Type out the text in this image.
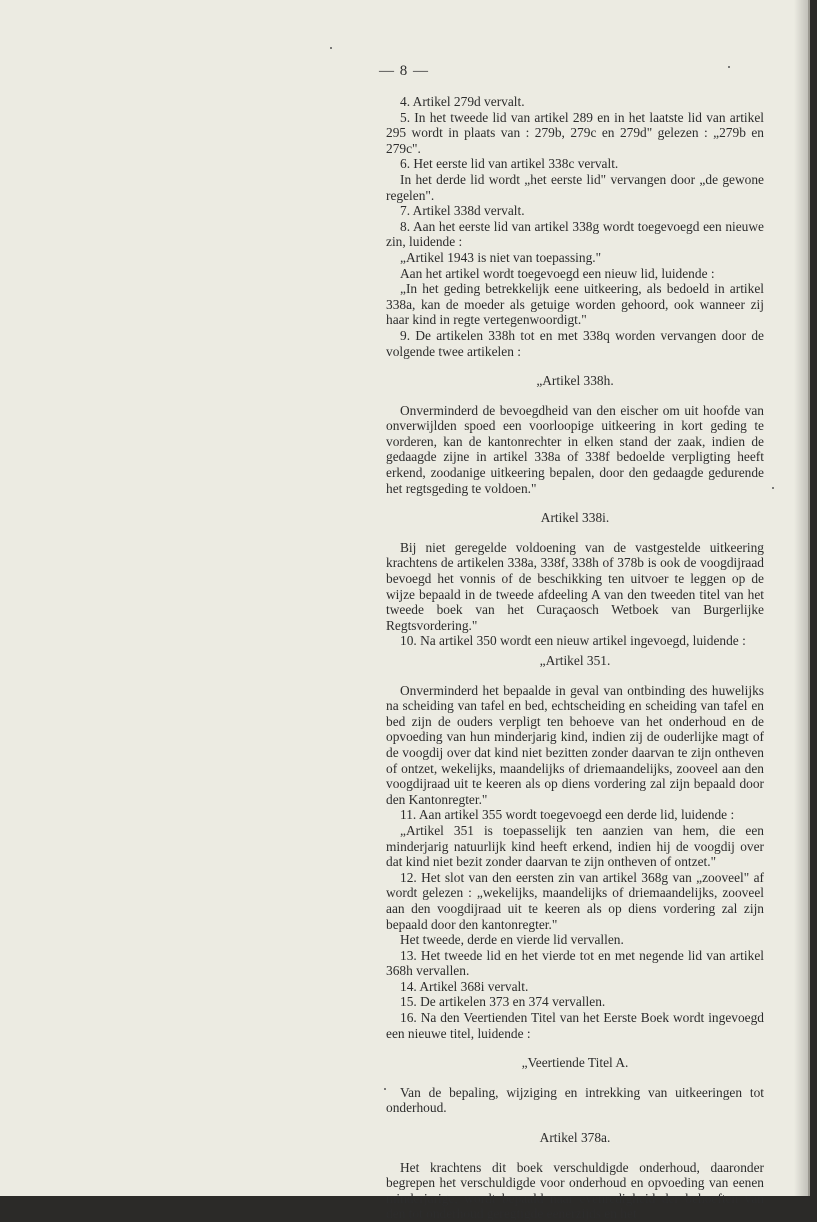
— 8 —

4. Artikel 279d vervalt.

5. In het tweede lid van artikel 289 en in het laatste lid van artikel 295 wordt in plaats van : 279b, 279c en 279d" gelezen : „279b en 279c".

6. Het eerste lid van artikel 338c vervalt.

In het derde lid wordt „het eerste lid" vervangen door „de gewone regelen".

7. Artikel 338d vervalt.

8. Aan het eerste lid van artikel 338g wordt toegevoegd een nieuwe zin, luidende :

„Artikel 1943 is niet van toepassing."

Aan het artikel wordt toegevoegd een nieuw lid, luidende :

„In het geding betrekkelijk eene uitkeering, als bedoeld in artikel 338a, kan de moeder als getuige worden gehoord, ook wanneer zij haar kind in regte vertegenwoordigt."

9. De artikelen 338h tot en met 338q worden vervangen door de volgende twee artikelen :

„Artikel 338h.

Onverminderd de bevoegdheid van den eischer om uit hoofde van onverwijlden spoed een voorloopige uitkeering in kort geding te vorderen, kan de kantonrechter in elken stand der zaak, indien de gedaagde zijne in artikel 338a of 338f bedoelde verpligting heeft erkend, zoodanige uitkeering bepalen, door den gedaagde gedurende het regtsgeding te voldoen."

Artikel 338i.

Bij niet geregelde voldoening van de vastgestelde uitkeering krachtens de artikelen 338a, 338f, 338h of 378b is ook de voogdijraad bevoegd het vonnis of de beschikking ten uitvoer te leggen op de wijze bepaald in de tweede afdeeling A van den tweeden titel van het tweede boek van het Curaçaosch Wetboek van Burgerlijke Regtsvordering."

10. Na artikel 350 wordt een nieuw artikel ingevoegd, luidende :

„Artikel 351.

Onverminderd het bepaalde in geval van ontbinding des huwelijks na scheiding van tafel en bed, echtscheiding en scheiding van tafel en bed zijn de ouders verpligt ten behoeve van het onderhoud en de opvoeding van hun minderjarig kind, indien zij de ouderlijke magt of de voogdij over dat kind niet bezitten zonder daarvan te zijn ontheven of ontzet, wekelijks, maandelijks of driemaandelijks, zooveel aan den voogdijraad uit te keeren als op diens vordering zal zijn bepaald door den Kantonregter."

11. Aan artikel 355 wordt toegevoegd een derde lid, luidende :

„Artikel 351 is toepasselijk ten aanzien van hem, die een minderjarig natuurlijk kind heeft erkend, indien hij de voogdij over dat kind niet bezit zonder daarvan te zijn ontheven of ontzet."

12. Het slot van den eersten zin van artikel 368g van „zooveel" af wordt gelezen : „wekelijks, maandelijks of driemaandelijks, zooveel aan den voogdijraad uit te keeren als op diens vordering zal zijn bepaald door den kantonregter."

Het tweede, derde en vierde lid vervallen.

13. Het tweede lid en het vierde tot en met negende lid van artikel 368h vervallen.

14. Artikel 368i vervalt.

15. De artikelen 373 en 374 vervallen.

16. Na den Veertienden Titel van het Eerste Boek wordt ingevoegd een nieuwe titel, luidende :

„Veertiende Titel A.

Van de bepaling, wijziging en intrekking van uitkeeringen tot onderhoud.

Artikel 378a.

Het krachtens dit boek verschuldigde onderhoud, daaronder begrepen het verschuldigde voor onderhoud en opvoeding van eenen minderjarige, wordt bepaald naar evenredigheid der behoeften van den tot onderhoud geregtigde eenerzijds en het
